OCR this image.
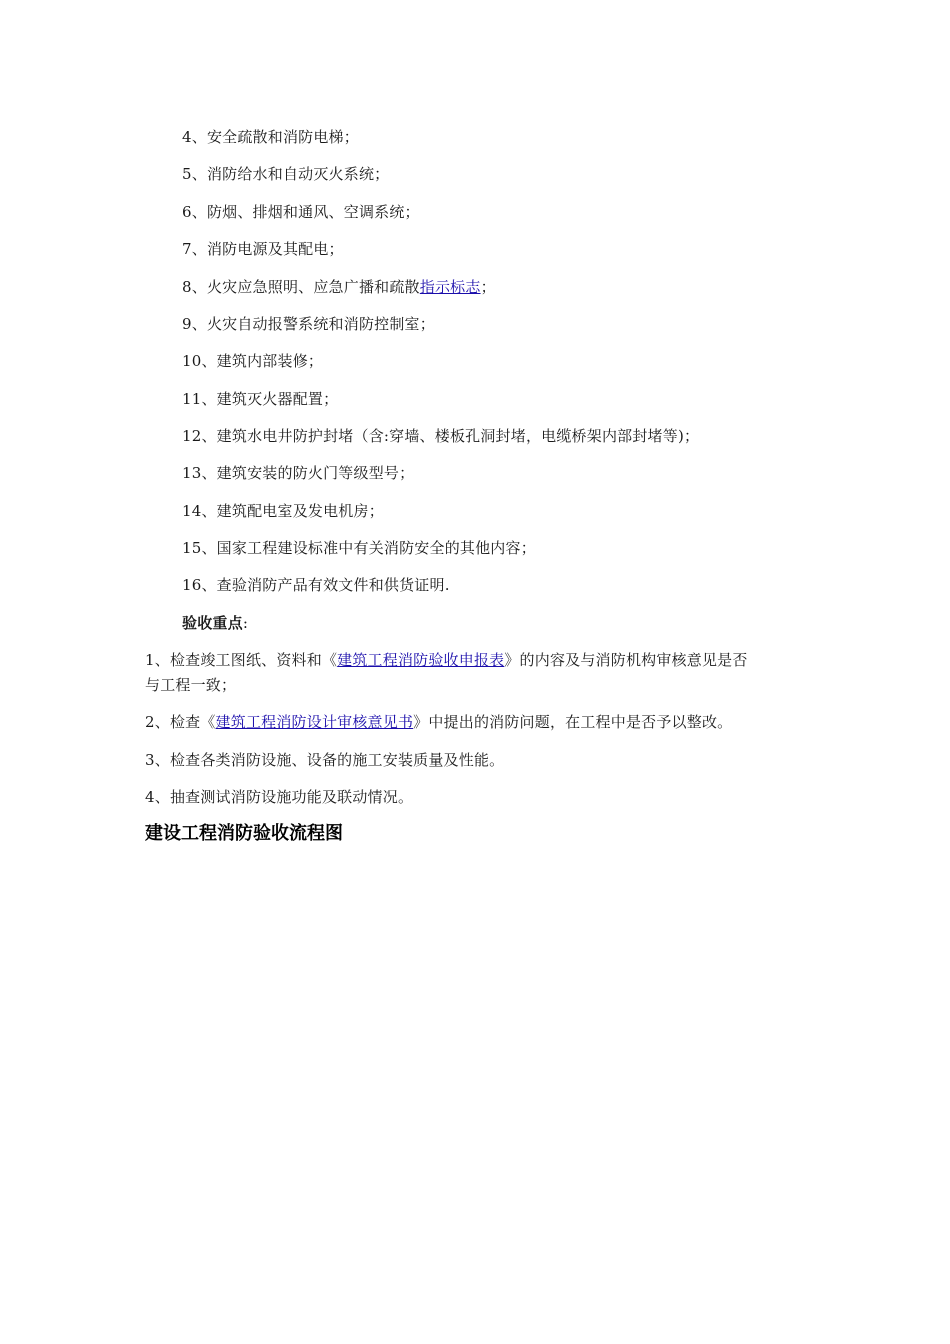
4、安全疏散和消防电梯；
5、消防给水和自动灭火系统；
6、防烟、排烟和通风、空调系统；
7、消防电源及其配电；
8、火灾应急照明、应急广播和疏散指示标志；
9、火灾自动报警系统和消防控制室；
10、建筑内部装修；
11、建筑灭火器配置；
12、建筑水电井防护封堵（含:穿墙、楼板孔洞封堵，电缆桥架内部封堵等)；
13、建筑安装的防火门等级型号；
14、建筑配电室及发电机房；
15、国家工程建设标准中有关消防安全的其他内容；
16、查验消防产品有效文件和供货证明.
验收重点:
1、检查竣工图纸、资料和《建筑工程消防验收申报表》的内容及与消防机构审核意见是否
与工程一致；
2、检查《建筑工程消防设计审核意见书》中提出的消防问题，在工程中是否予以整改。
3、检查各类消防设施、设备的施工安装质量及性能。
4、抽查测试消防设施功能及联动情况。
建设工程消防验收流程图
